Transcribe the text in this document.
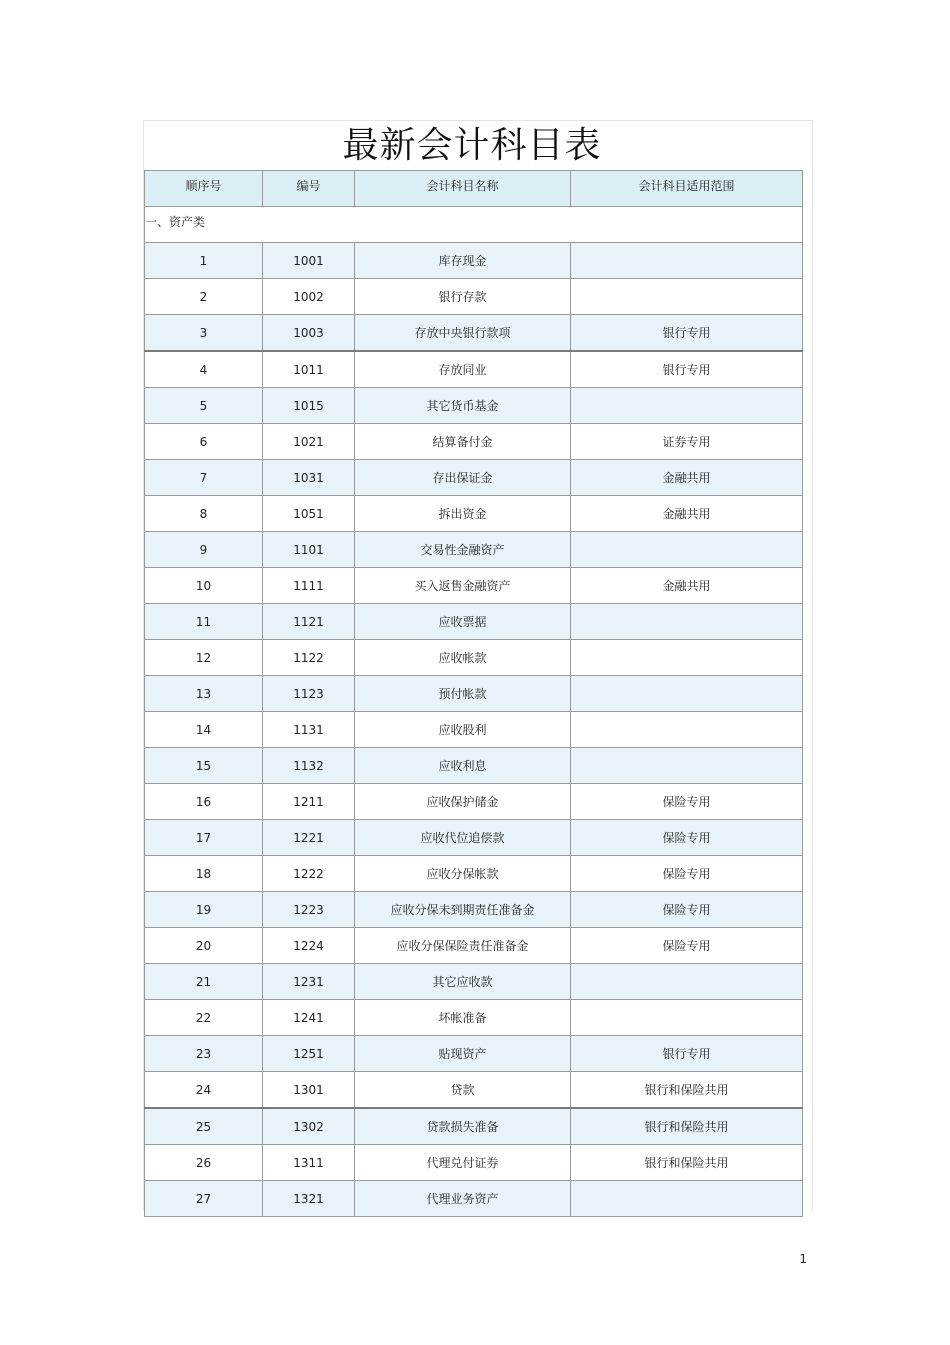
最新会计科目表
顺序号	编号	会计科目名称	会计科目适用范围
一、资产类			
1	1001	库存现金	
2	1002	银行存款	
3	1003	存放中央银行款项	银行专用
4	1011	存放同业	银行专用
5	1015	其它货币基金	
6	1021	结算备付金	证券专用
7	1031	存出保证金	金融共用
8	1051	拆出资金	金融共用
9	1101	交易性金融资产	
10	1111	买入返售金融资产	金融共用
11	1121	应收票据	
12	1122	应收帐款	
13	1123	预付帐款	
14	1131	应收股利	
15	1132	应收利息	
16	1211	应收保护储金	保险专用
17	1221	应收代位追偿款	保险专用
18	1222	应收分保帐款	保险专用
19	1223	应收分保未到期责任准备金	保险专用
20	1224	应收分保保险责任准备金	保险专用
21	1231	其它应收款	
22	1241	坏帐准备	
23	1251	贴现资产	银行专用
24	1301	贷款	银行和保险共用
25	1302	贷款损失准备	银行和保险共用
26	1311	代理兑付证券	银行和保险共用
27	1321	代理业务资产	
1
